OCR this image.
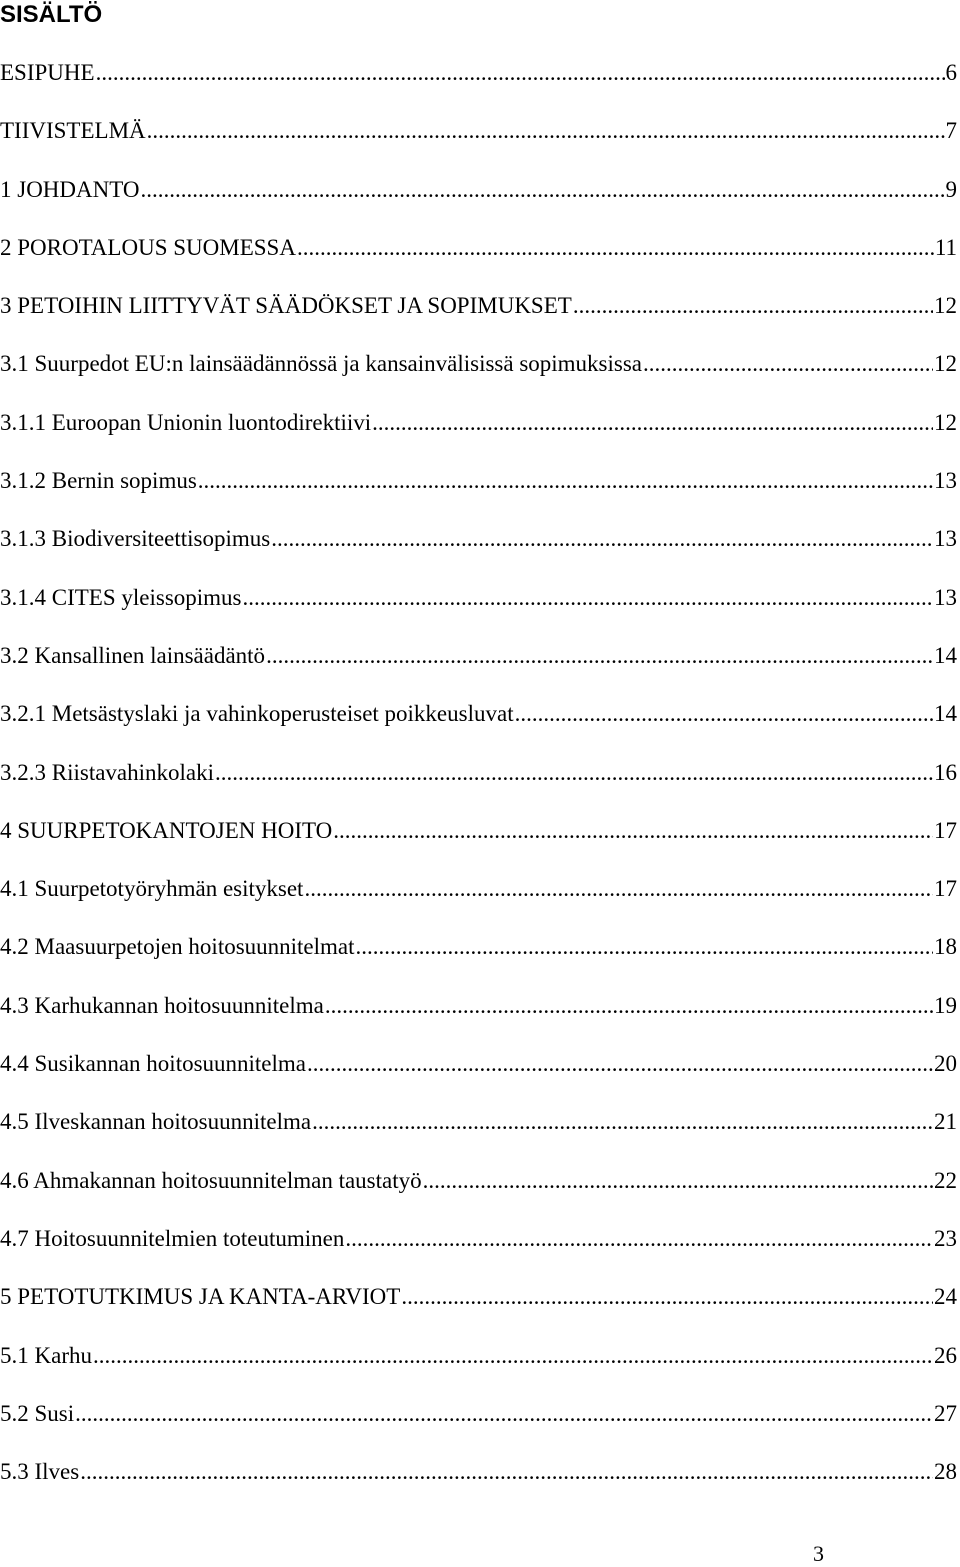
SISÄLTÖ
ESIPUHE .....	6
TIIVISTELMÄ .....	7
1 JOHDANTO .....	9
2 POROTALOUS SUOMESSA .....	11
3 PETOIHIN LIITTYVÄT SÄÄDÖKSET JA SOPIMUKSET .....	12
3.1 Suurpedot EU:n lainsäädännössä ja kansainvälisissä sopimuksissa .....	12
3.1.1 Euroopan Unionin luontodirektiivi .....	12
3.1.2 Bernin sopimus .....	13
3.1.3 Biodiversiteettisopimus .....	13
3.1.4 CITES yleissopimus .....	13
3.2 Kansallinen lainsäädäntö .....	14
3.2.1 Metsästyslaki ja vahinkoperusteiset poikkeusluvat .....	14
3.2.3 Riistavahinkolaki .....	16
4 SUURPETOKANTOJEN HOITO .....	17
4.1 Suurpetotyöryhmän esitykset .....	17
4.2 Maasuurpetojen hoitosuunnitelmat .....	18
4.3 Karhukannan hoitosuunnitelma .....	19
4.4 Susikannan hoitosuunnitelma .....	20
4.5 Ilveskannan hoitosuunnitelma .....	21
4.6 Ahmakannan hoitosuunnitelman taustatyö .....	22
4.7 Hoitosuunnitelmien toteutuminen .....	23
5 PETOTUTKIMUS JA KANTA-ARVIOT .....	24
5.1 Karhu .....	26
5.2 Susi .....	27
5.3 Ilves .....	28
3
